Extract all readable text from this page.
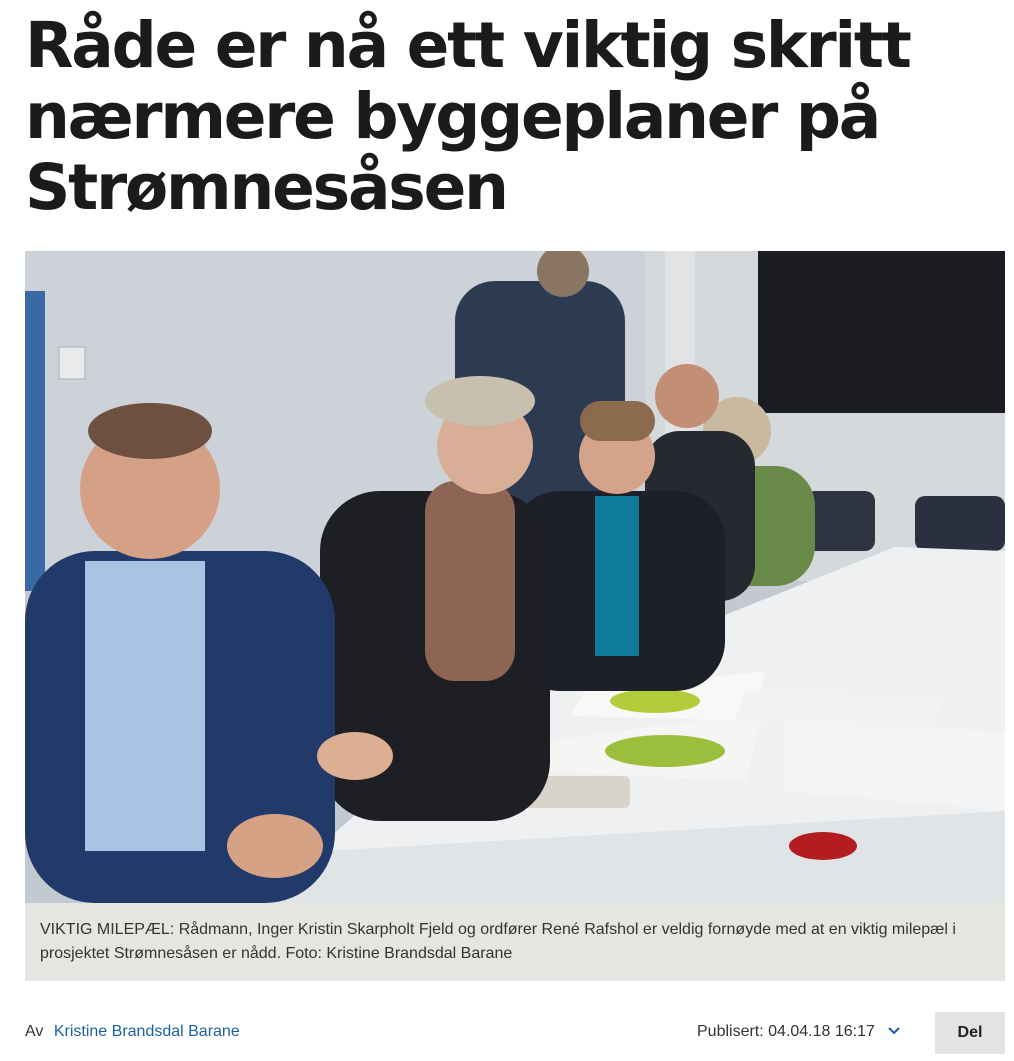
Råde er nå ett viktig skritt nærmere byggeplaner på Strømnesåsen

VIKTIG MILEPÆL: Rådmann, Inger Kristin Skarpholt Fjeld og ordfører René Rafshol er veldig fornøyde med at en viktig milepæl i prosjektet Strømnesåsen er nådd. Foto: Kristine Brandsdal Barane

Av Kristine Brandsdal Barane	Publisert: 04.04.18 16:17	Del
